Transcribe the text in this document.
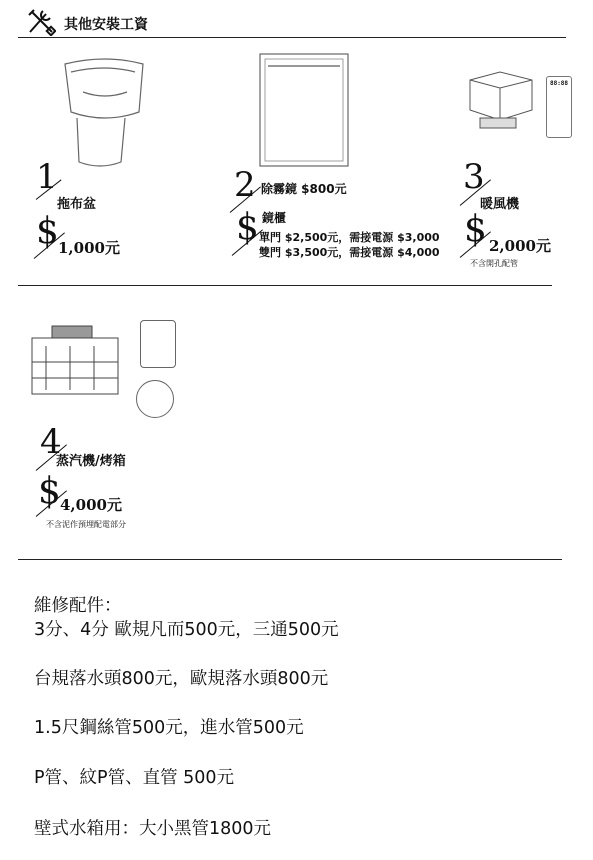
其他安裝工資
1
拖布盆
$ 1,000元
2 除霧鏡 $800元
鏡櫃
$ 單門 $2,500元，需接電源 $3,000
雙門 $3,500元，需接電源 $4,000
88:88
3
暖風機
$ 2,000元
不含開孔配管
4
蒸汽機/烤箱
$ 4,000元
不含泥作預埋配電部分
維修配件：
3分、4分 歐規凡而500元，三通500元
台規落水頭800元，歐規落水頭800元
1.5尺鋼絲管500元，進水管500元
P管、紋P管、直管 500元
壁式水箱用：大小黑管1800元
